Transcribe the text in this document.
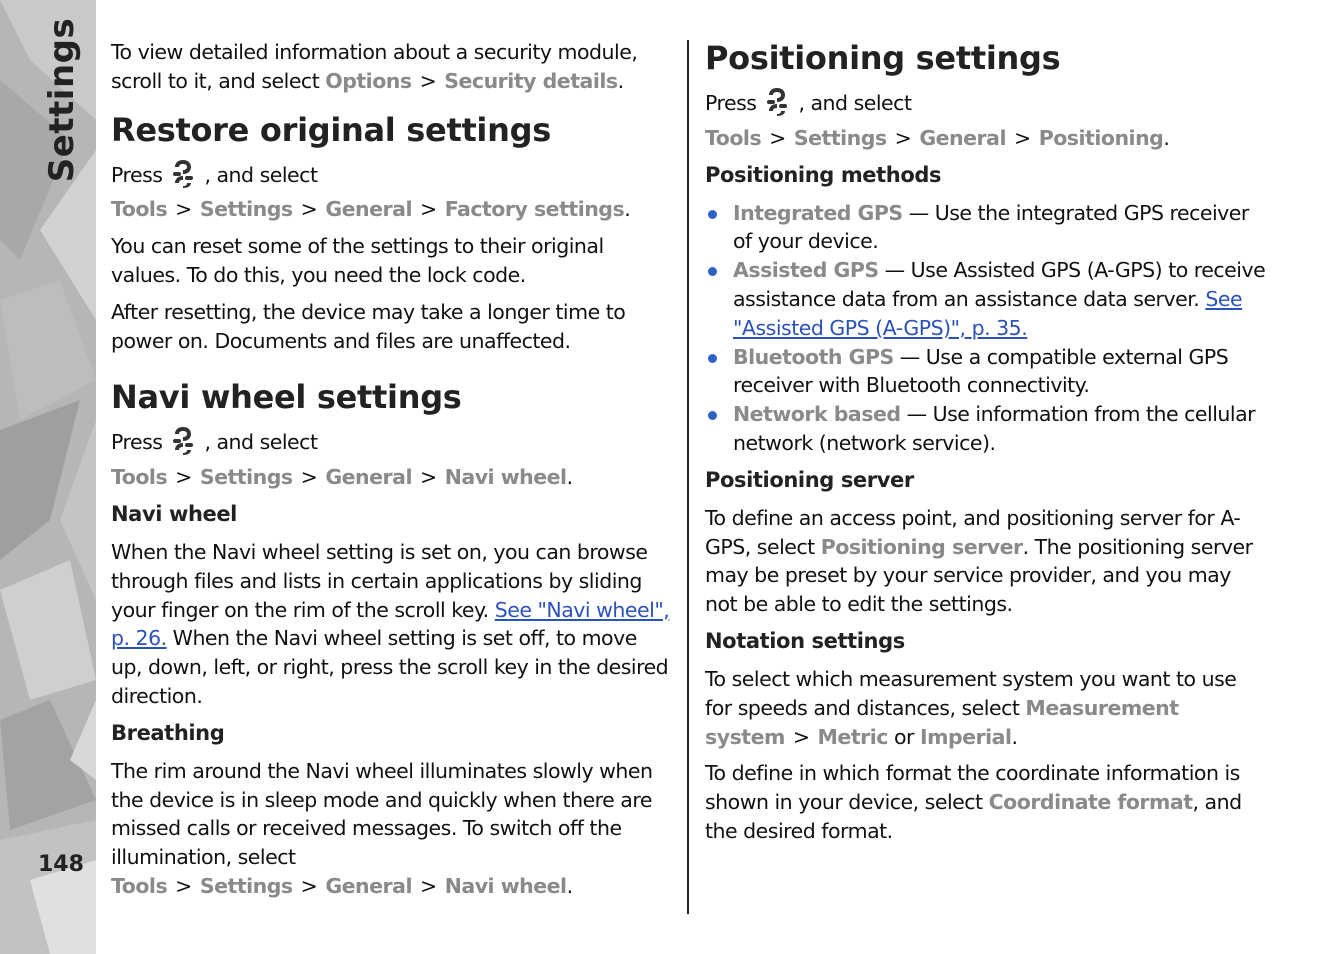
Settings
148

To view detailed information about a security module, scroll to it, and select Options > Security details.

Restore original settings

Press , and select Tools > Settings > General > Factory settings.

You can reset some of the settings to their original values. To do this, you need the lock code.

After resetting, the device may take a longer time to power on. Documents and files are unaffected.

Navi wheel settings

Press , and select Tools > Settings > General > Navi wheel.

Navi wheel

When the Navi wheel setting is set on, you can browse through files and lists in certain applications by sliding your finger on the rim of the scroll key. See "Navi wheel", p. 26. When the Navi wheel setting is set off, to move up, down, left, or right, press the scroll key in the desired direction.

Breathing

The rim around the Navi wheel illuminates slowly when the device is in sleep mode and quickly when there are missed calls or received messages. To switch off the illumination, select Tools > Settings > General > Navi wheel.

Positioning settings

Press , and select Tools > Settings > General > Positioning.

Positioning methods
Integrated GPS — Use the integrated GPS receiver of your device.
Assisted GPS — Use Assisted GPS (A-GPS) to receive assistance data from an assistance data server. See "Assisted GPS (A-GPS)", p. 35.
Bluetooth GPS — Use a compatible external GPS receiver with Bluetooth connectivity.
Network based — Use information from the cellular network (network service).
Positioning server

To define an access point, and positioning server for A-GPS, select Positioning server. The positioning server may be preset by your service provider, and you may not be able to edit the settings.

Notation settings

To select which measurement system you want to use for speeds and distances, select Measurement system > Metric or Imperial.

To define in which format the coordinate information is shown in your device, select Coordinate format, and the desired format.
